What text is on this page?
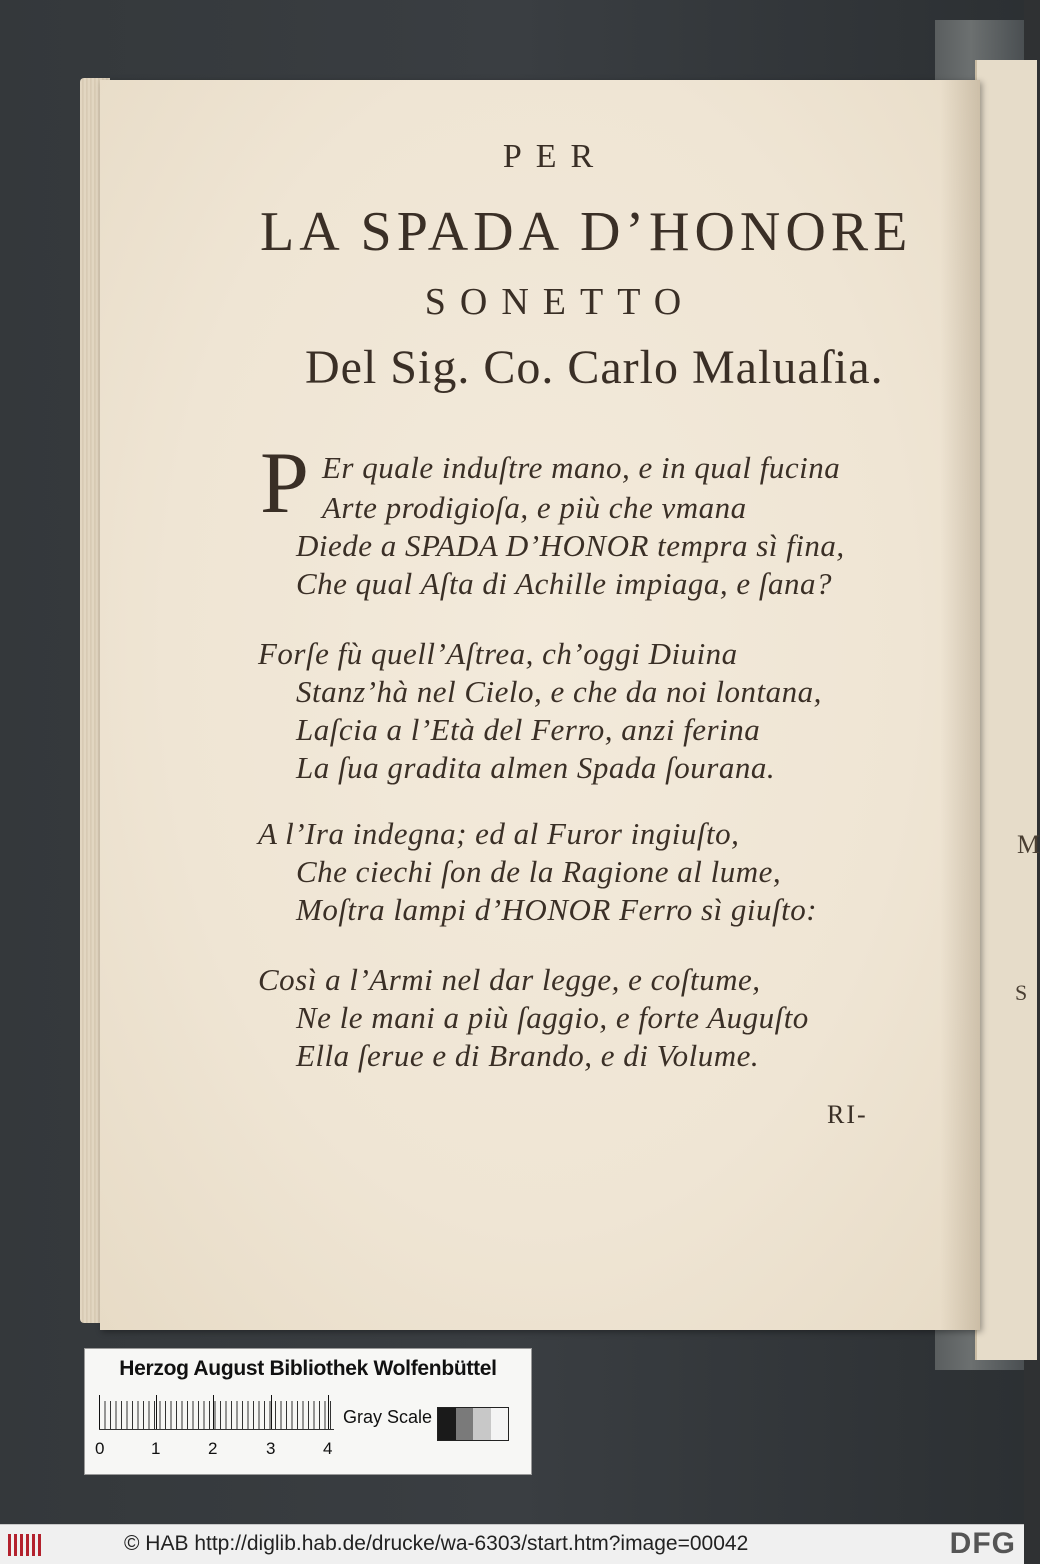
M
S
PER
LA SPADA D’HONORE
SONETTO
Del Sig. Co. Carlo Maluaſia.
P Er quale induſtre mano, e in qual fucina
Arte prodigioſa, e più che vmana
Diede a SPADA D’HONOR tempra sì fina,
Che qual Aſta di Achille impiaga, e ſana?
Forſe fù quell’Aſtrea, ch’oggi Diuina
Stanz’hà nel Cielo, e che da noi lontana,
Laſcia a l’Età del Ferro, anzi ferina
La ſua gradita almen Spada ſourana.
A l’Ira indegna; ed al Furor ingiuſto,
Che ciechi ſon de la Ragione al lume,
Moſtra lampi d’HONOR Ferro sì giuſto:
Così a l’Armi nel dar legge, e coſtume,
Ne le mani a più ſaggio, e forte Auguſto
Ella ſerue e di Brando, e di Volume.
RI-
Herzog August Bibliothek Wolfenbüttel
0	1	2	3	4
Gray Scale
© HAB http://diglib.hab.de/drucke/wa-6303/start.htm?image=00042	DFG
